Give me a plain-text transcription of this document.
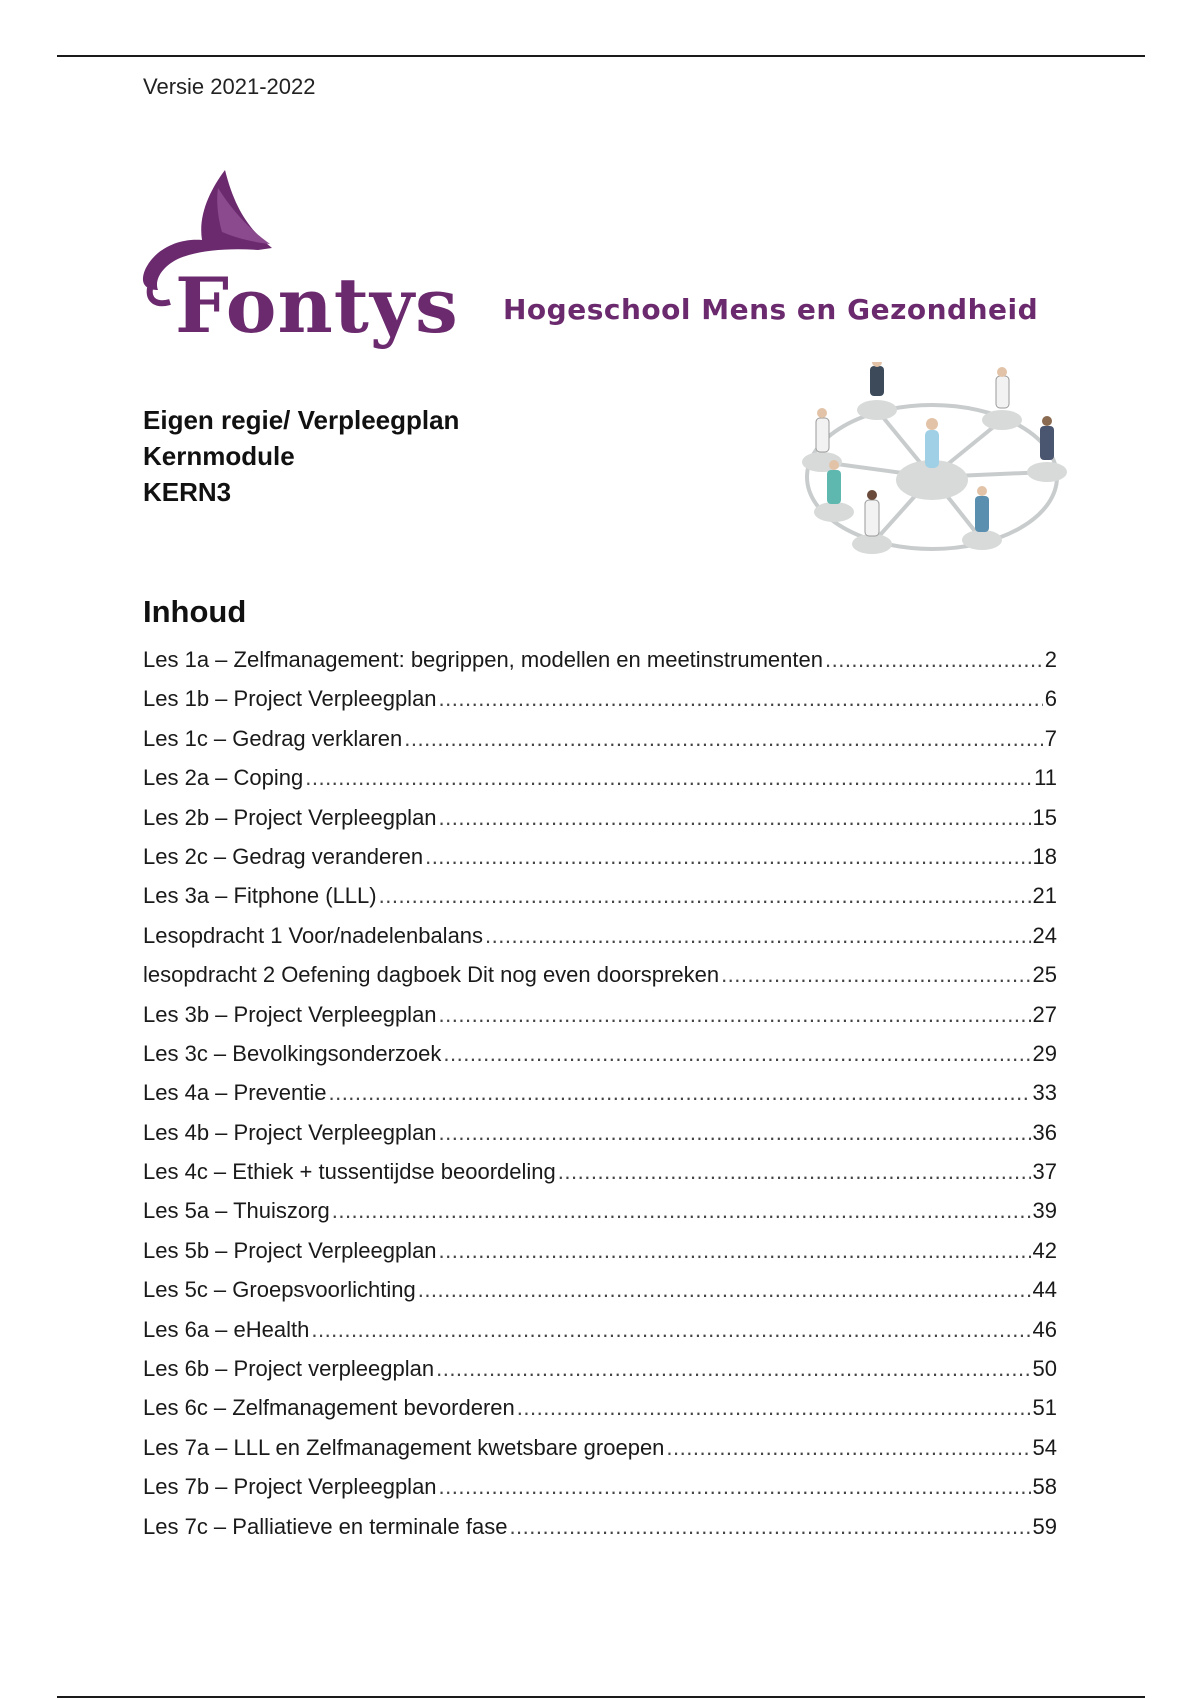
Versie 2021-2022
Fontys Hogeschool Mens en Gezondheid
Eigen regie/ Verpleegplan
Kernmodule
KERN3
Inhoud
Les 1a – Zelfmanagement: begrippen, modellen en meetinstrumenten .....	2
Les 1b – Project Verpleegplan .....	6
Les 1c – Gedrag verklaren .....	7
Les 2a – Coping .....	11
Les 2b – Project Verpleegplan .....	15
Les 2c – Gedrag veranderen .....	18
Les 3a – Fitphone (LLL) .....	21
Lesopdracht 1 Voor/nadelenbalans .....	24
lesopdracht 2 Oefening dagboek Dit nog even doorspreken .....	25
Les 3b – Project Verpleegplan .....	27
Les 3c – Bevolkingsonderzoek .....	29
Les 4a – Preventie .....	33
Les 4b – Project Verpleegplan .....	36
Les 4c – Ethiek + tussentijdse beoordeling .....	37
Les 5a – Thuiszorg .....	39
Les 5b – Project Verpleegplan .....	42
Les 5c – Groepsvoorlichting .....	44
Les 6a – eHealth .....	46
Les 6b – Project verpleegplan .....	50
Les 6c – Zelfmanagement bevorderen .....	51
Les 7a – LLL en Zelfmanagement kwetsbare groepen .....	54
Les 7b – Project Verpleegplan .....	58
Les 7c – Palliatieve en terminale fase .....	59
